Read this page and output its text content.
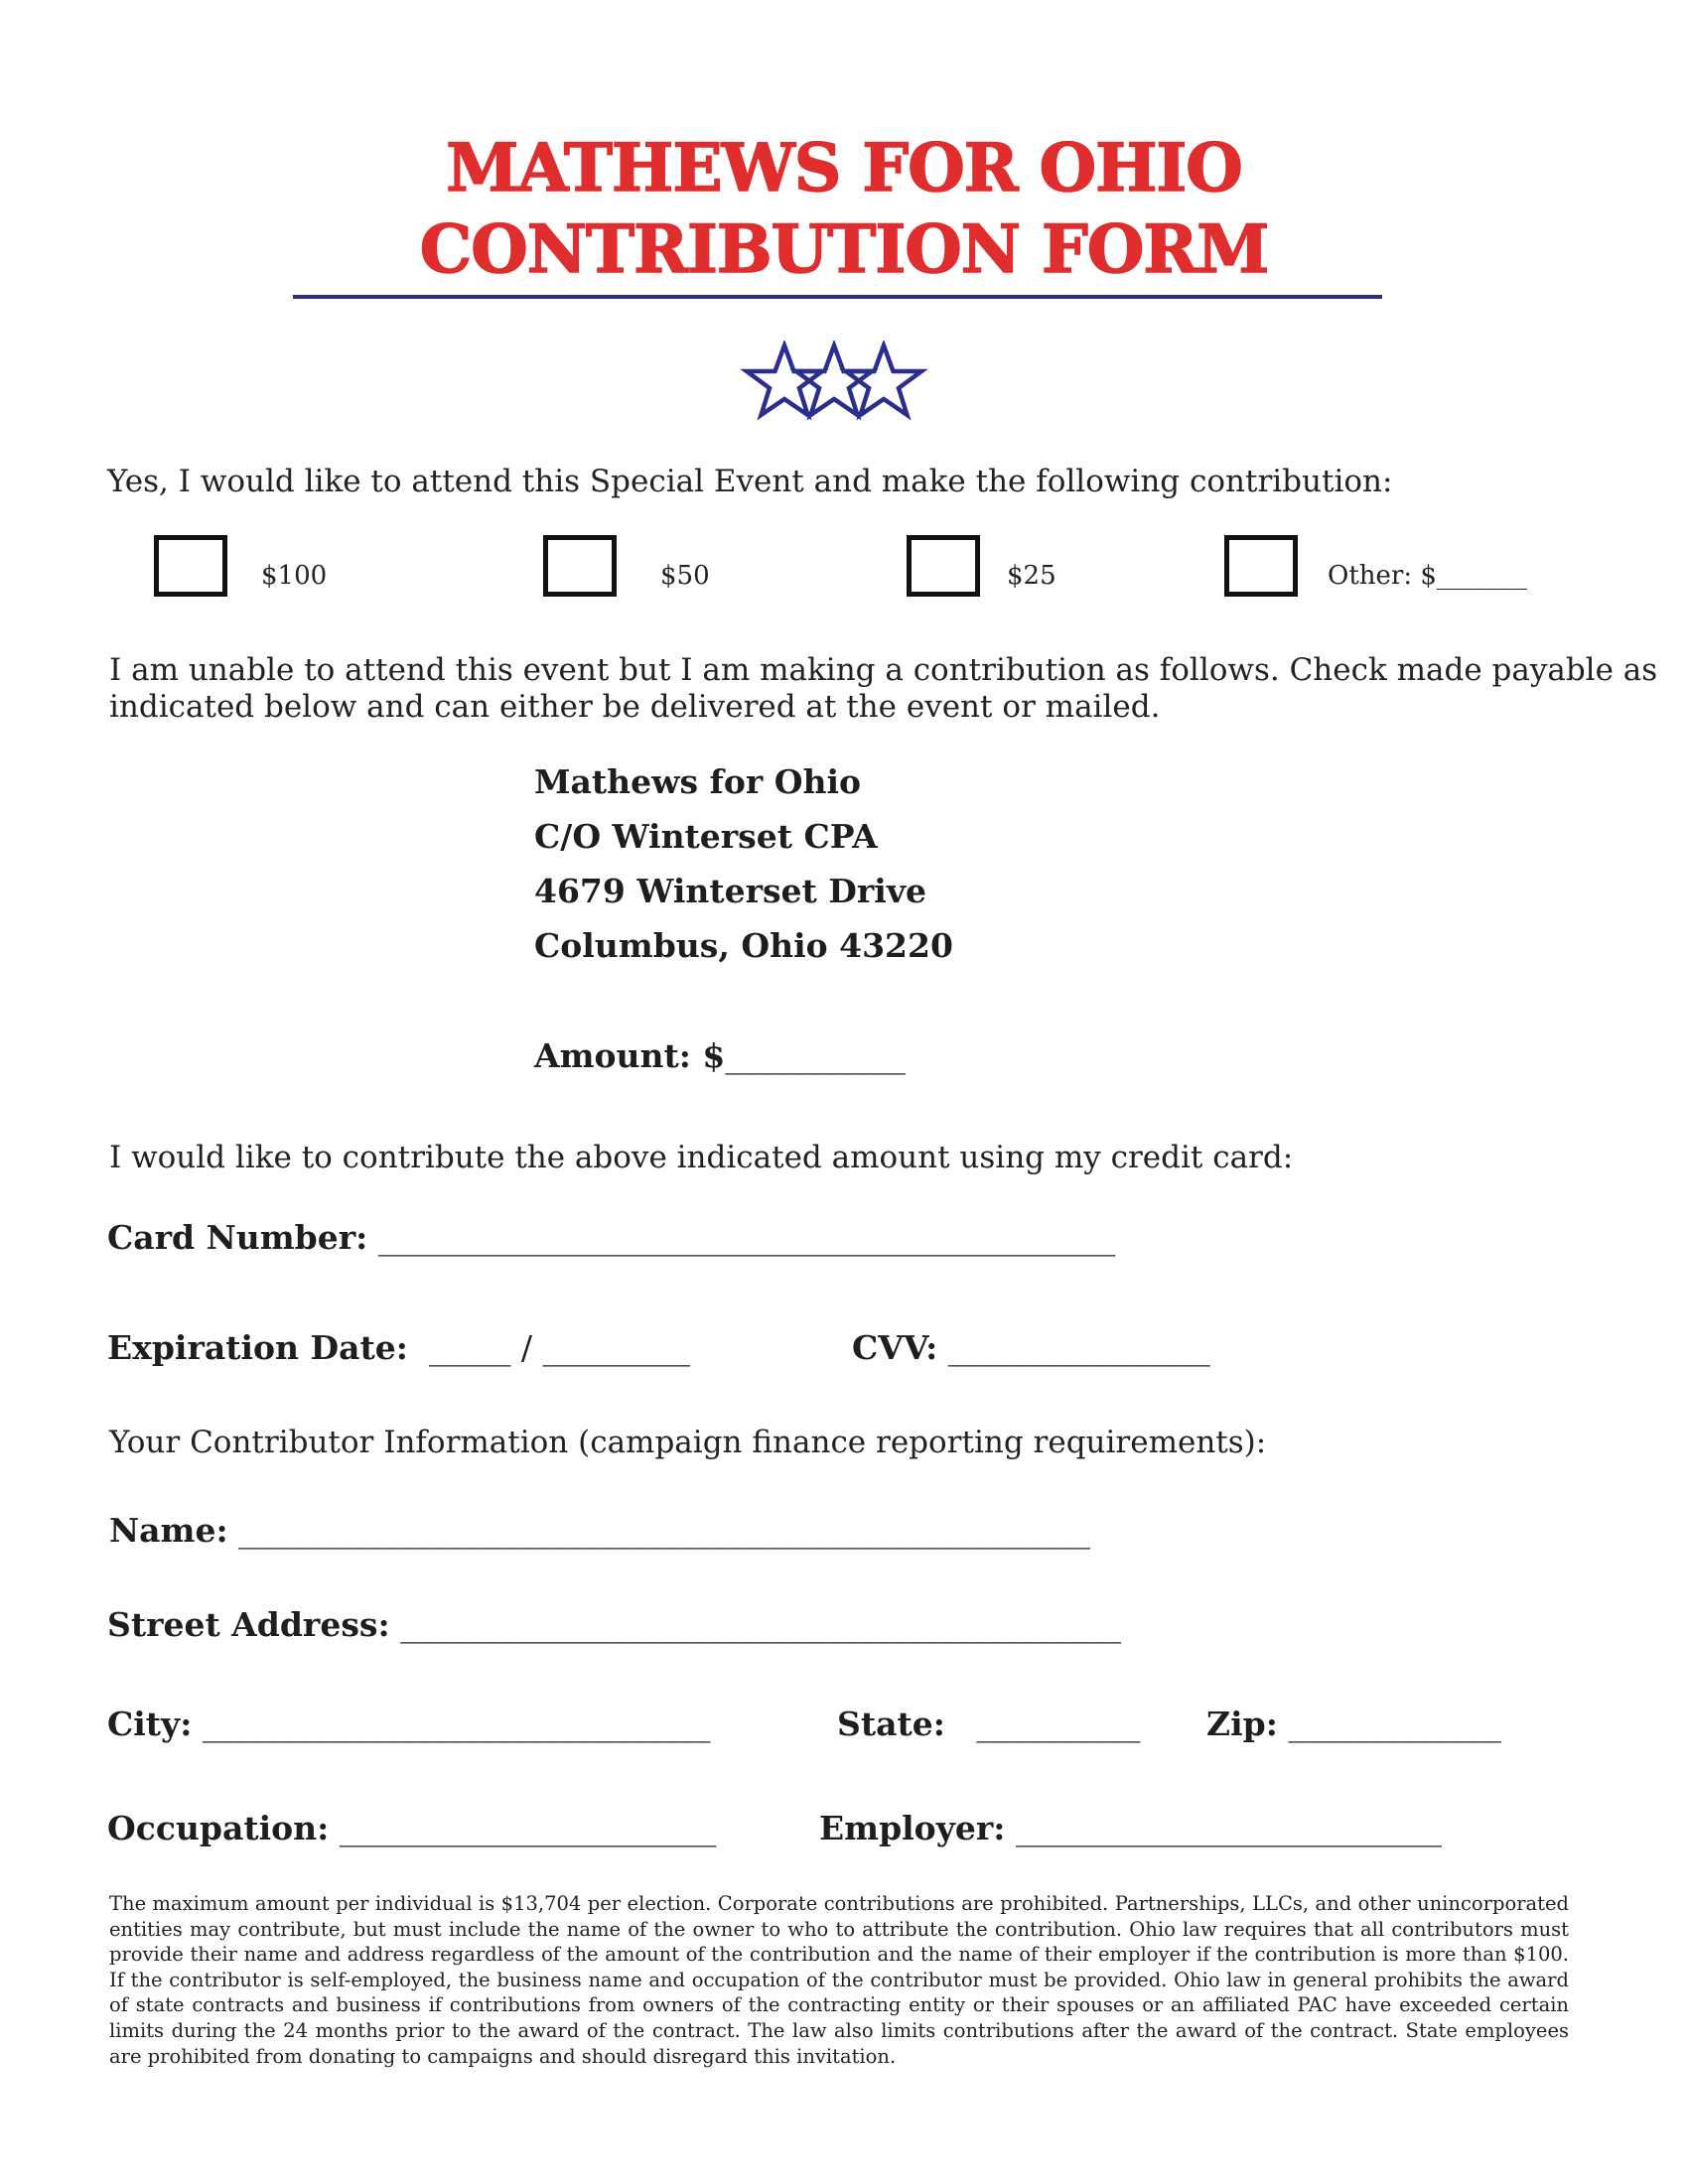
MATHEWS FOR OHIO
CONTRIBUTION FORM
Yes, I would like to attend this Special Event and make the following contribution:
$100	$50	$25	Other: $_______
I am unable to attend this event but I am making a contribution as follows. Check made payable as
indicated below and can either be delivered at the event or mailed.
Mathews for Ohio
C/O Winterset CPA
4679 Winterset Drive
Columbus, Ohio 43220
Amount: $___________
I would like to contribute the above indicated amount using my credit card:
Card Number: _____________________________________________
Expiration Date: _____ / _________	CVV: ________________
Your Contributor Information (campaign finance reporting requirements):
Name: ____________________________________________________
Street Address: ____________________________________________
City: _______________________________	State: __________ Zip: _____________
Occupation: _______________________	Employer: __________________________
The maximum amount per individual is $13,704 per election. Corporate contributions are prohibited. Partnerships, LLCs, and other unincorporated entities may contribute, but must include the name of the owner to who to attribute the contribution. Ohio law requires that all contributors must provide their name and address regardless of the amount of the contribution and the name of their employer if the contribution is more than $100. If the contributor is self-employed, the business name and occupation of the contributor must be provided. Ohio law in general prohibits the award of state contracts and business if contributions from owners of the contracting entity or their spouses or an affiliated PAC have exceeded certain limits during the 24 months prior to the award of the contract. The law also limits contributions after the award of the contract. State employees are prohibited from donating to campaigns and should disregard this invitation.
